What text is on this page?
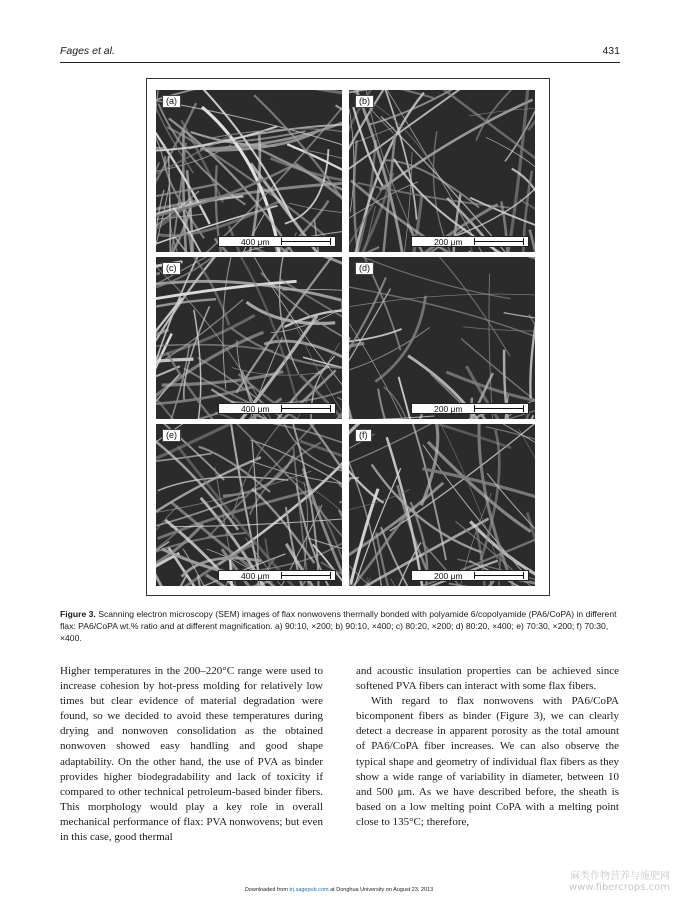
Fages et al.	431
(a)
400 μm
(b)
200 μm
(c)
400 μm
(d)
200 μm
(e)
400 μm
(f)
200 μm
Figure 3. Scanning electron microscopy (SEM) images of flax nonwovens thermally bonded with polyamide 6/copolyamide (PA6/CoPA) in different flax: PA6/CoPA wt.% ratio and at different magnification. a) 90:10, ×200; b) 90:10, ×400; c) 80:20, ×200; d) 80:20, ×400; e) 70:30, ×200; f) 70:30, ×400.

Higher temperatures in the 200–220°C range were used to increase cohesion by hot-press molding for relatively low times but clear evidence of material degradation were found, so we decided to avoid these temperatures during drying and nonwoven consolidation as the obtained nonwoven showed easy handling and good shape adaptability. On the other hand, the use of PVA as binder provides higher biodegradability and lack of toxicity if compared to other technical petroleum-based binder fibers. This morphology would play a key role in overall mechanical performance of flax: PVA nonwovens; but even in this case, good thermal

and acoustic insulation properties can be achieved since softened PVA fibers can interact with some flax fibers.

With regard to flax nonwovens with PA6/CoPA bicomponent fibers as binder (Figure 3), we can clearly detect a decrease in apparent porosity as the total amount of PA6/CoPA fiber increases. We can also observe the typical shape and geometry of individual flax fibers as they show a wide range of variability in diameter, between 10 and 500 μm. As we have described before, the sheath is based on a low melting point CoPA with a melting point close to 135°C; therefore,

Downloaded from trj.sagepub.com at Donghua University on August 23, 2013
麻类作物营养与施肥网
www.fibercrops.com
